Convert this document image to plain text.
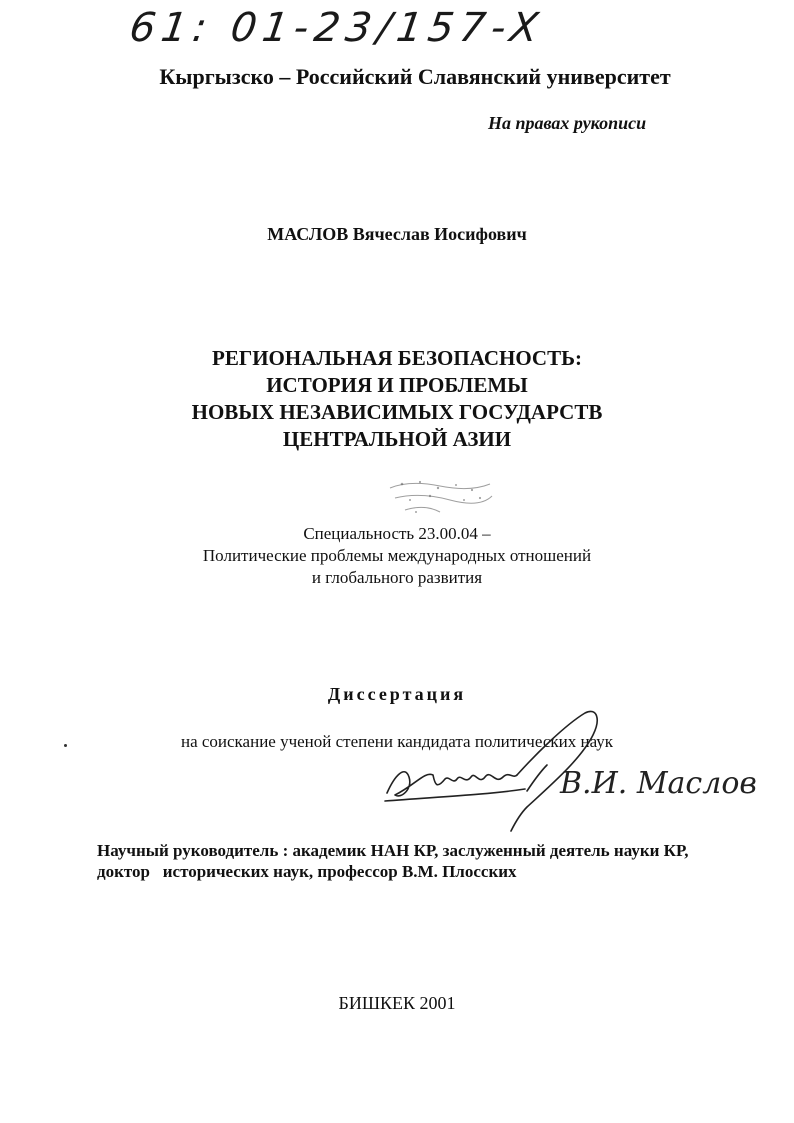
61: 01-23/157-X
Кыргызско – Российский Славянский университет
На правах рукописи
МАСЛОВ Вячеслав Иосифович
РЕГИОНАЛЬНАЯ БЕЗОПАСНОСТЬ:
ИСТОРИЯ И ПРОБЛЕМЫ
НОВЫХ НЕЗАВИСИМЫХ ГОСУДАРСТВ
ЦЕНТРАЛЬНОЙ АЗИИ
Специальность 23.00.04 –
Политические проблемы международных отношений
и глобального развития
Диссертация
на соискание ученой степени кандидата политических наук
В.И. Маслов
Научный руководитель : академик НАН КР, заслуженный деятель науки КР,
доктор   исторических наук, профессор В.М. Плосских
БИШКЕК 2001
